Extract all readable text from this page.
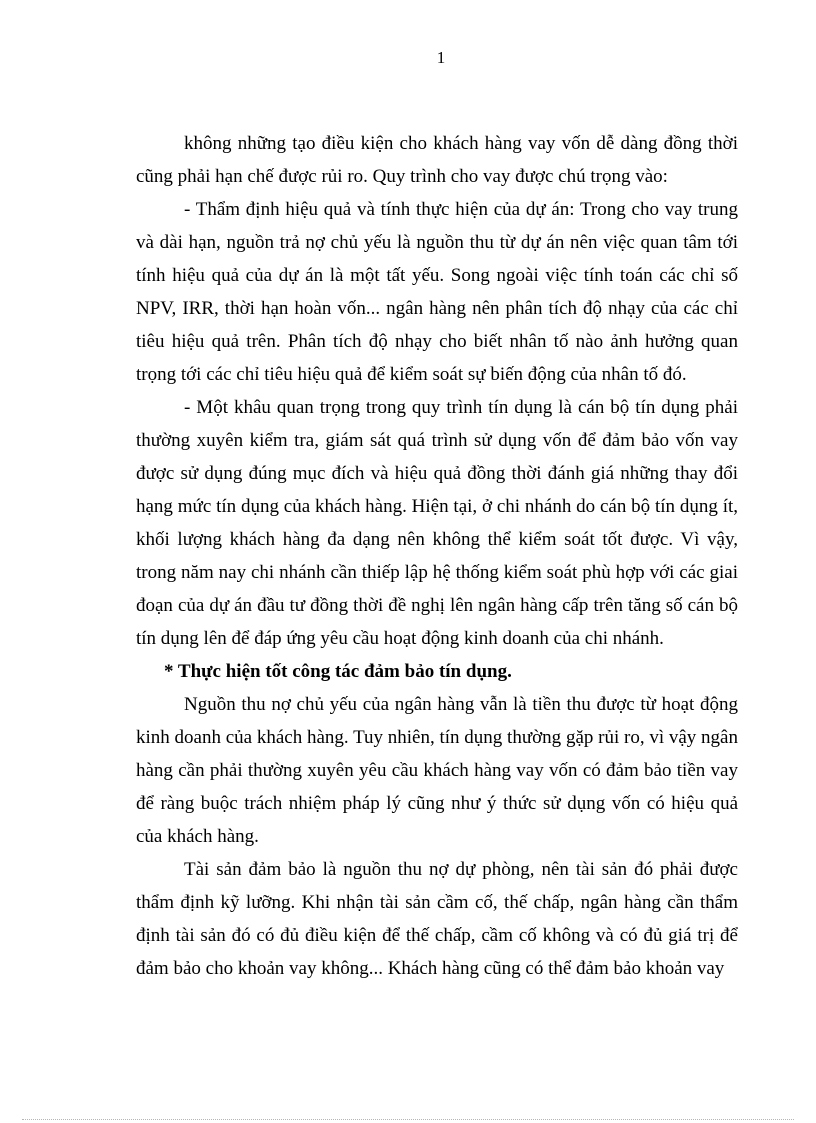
1

không những tạo điều kiện cho khách hàng vay vốn dễ dàng đồng thời cũng phải hạn chế được rủi ro. Quy trình cho vay được chú trọng vào:

- Thẩm định hiệu quả và tính thực hiện của dự án: Trong cho vay trung và dài hạn, nguồn trả nợ chủ yếu là nguồn thu từ dự án nên việc quan tâm tới tính hiệu quả của dự án là một tất yếu. Song ngoài việc tính toán các chỉ số NPV, IRR, thời hạn hoàn vốn... ngân hàng nên phân tích độ nhạy của các chỉ tiêu hiệu quả trên. Phân tích độ nhạy cho biết nhân tố nào ảnh hưởng quan trọng tới các chỉ tiêu hiệu quả để kiểm soát sự biến động của nhân tố đó.

- Một khâu quan trọng trong quy trình tín dụng là cán bộ tín dụng phải thường xuyên kiểm tra, giám sát quá trình sử dụng vốn để đảm bảo vốn vay được sử dụng đúng mục đích và hiệu quả đồng thời đánh giá những thay đổi hạng mức tín dụng của khách hàng. Hiện tại, ở chi nhánh do cán bộ tín dụng ít, khối lượng khách hàng đa dạng nên không thể kiểm soát tốt được. Vì vậy, trong năm nay chi nhánh cần thiếp lập hệ thống kiểm soát phù hợp với các giai đoạn của dự án đầu tư đồng thời đề nghị lên ngân hàng cấp trên tăng số cán bộ tín dụng lên để đáp ứng yêu cầu hoạt động kinh doanh của chi nhánh.

* Thực hiện tốt công tác đảm bảo tín dụng.

Nguồn thu nợ chủ yếu của ngân hàng vẫn là tiền thu được từ hoạt động kinh doanh của khách hàng. Tuy nhiên, tín dụng thường gặp rủi ro, vì vậy ngân hàng cần phải thường xuyên yêu cầu khách hàng vay vốn có đảm bảo tiền vay để ràng buộc trách nhiệm pháp lý cũng như ý thức sử dụng vốn có hiệu quả của khách hàng.

Tài sản đảm bảo là nguồn thu nợ dự phòng, nên tài sản đó phải được thẩm định kỹ lưỡng. Khi nhận tài sản cầm cố, thế chấp, ngân hàng cần thẩm định tài sản đó có đủ điều kiện để thế chấp, cầm cố không và có đủ giá trị để đảm bảo cho khoản vay không... Khách hàng cũng có thể đảm bảo khoản vay
